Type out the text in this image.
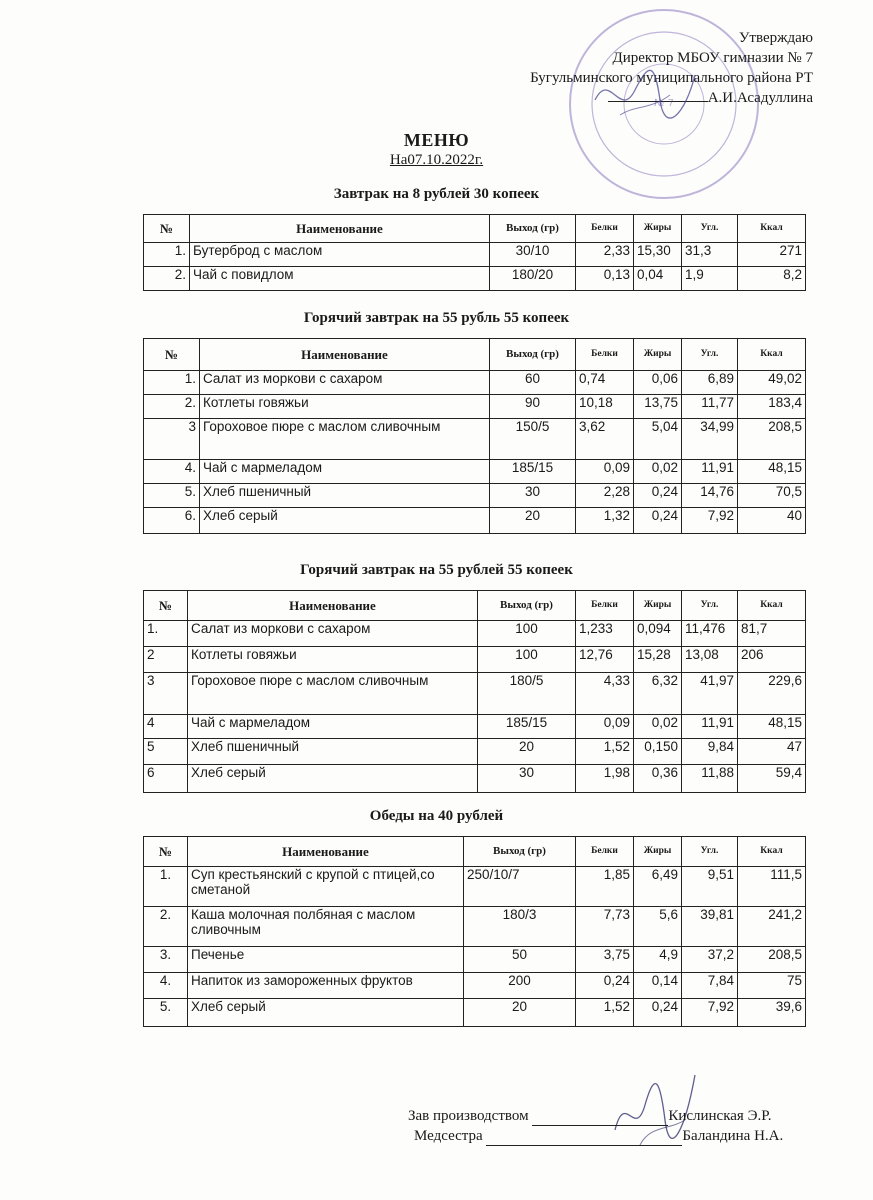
№ 7
Утверждаю
Директор МБОУ гимназии № 7
Бугульминского муниципального района РТ
А.И.Асадуллина
МЕНЮ
На07.10.2022г.
Завтрак на 8 рублей 30 копеек
№	Наименование	Выход (гр)	Белки	Жиры	Угл.	Ккал
1.	Бутерброд с маслом	30/10	2,33	15,30	31,3	271
2.	Чай с повидлом	180/20	0,13	0,04	1,9	8,2
Горячий завтрак на 55 рубль 55 копеек
№	Наименование	Выход (гр)	Белки	Жиры	Угл.	Ккал
1.	Салат из моркови с сахаром	60	0,74	0,06	6,89	49,02
2.	Котлеты говяжьи	90	10,18	13,75	11,77	183,4
3	Гороховое пюре с маслом сливочным	150/5	3,62	5,04	34,99	208,5
4.	Чай с мармеладом	185/15	0,09	0,02	11,91	48,15
5.	Хлеб пшеничный	30	2,28	0,24	14,76	70,5
6.	Хлеб серый	20	1,32	0,24	7,92	40
Горячий завтрак на 55 рублей 55 копеек
№	Наименование	Выход (гр)	Белки	Жиры	Угл.	Ккал
1.	Салат из моркови с сахаром	100	1,233	0,094	11,476	81,7
2	Котлеты говяжьи	100	12,76	15,28	13,08	206
3	Гороховое пюре с маслом сливочным	180/5	4,33	6,32	41,97	229,6
4	Чай с мармеладом	185/15	0,09	0,02	11,91	48,15
5	Хлеб пшеничный	20	1,52	0,150	9,84	47
6	Хлеб серый	30	1,98	0,36	11,88	59,4
Обеды на 40 рублей
№	Наименование	Выход (гр)	Белки	Жиры	Угл.	Ккал
1.	Суп крестьянский с крупой с птицей,со сметаной	250/10/7	1,85	6,49	9,51	111,5
2.	Каша молочная полбяная с маслом сливочным	180/3	7,73	5,6	39,81	241,2
3.	Печенье	50	3,75	4,9	37,2	208,5
4.	Напиток из замороженных фруктов	200	0,24	0,14	7,84	75
5.	Хлеб серый	20	1,52	0,24	7,92	39,6
Зав производством	Кислинская Э.Р.
Медсестра	Баландина Н.А.
